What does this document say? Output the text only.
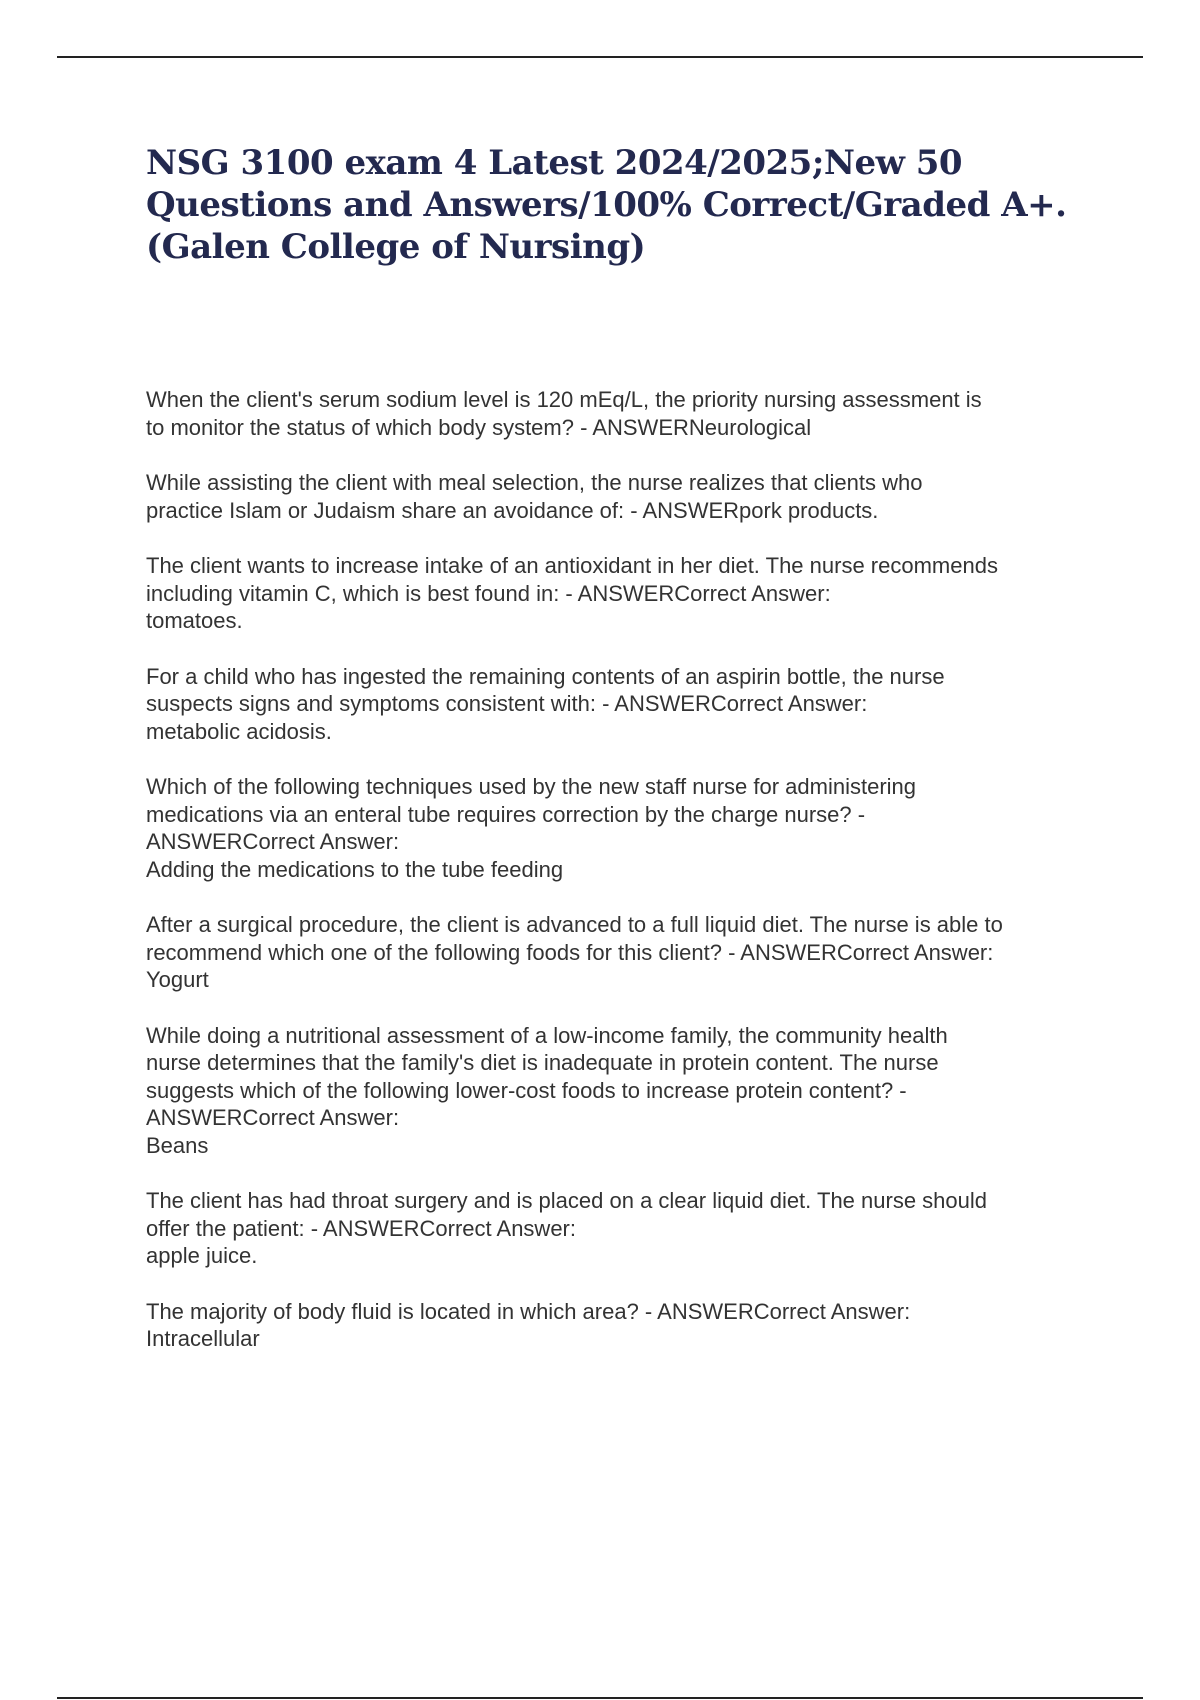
NSG 3100 exam 4 Latest 2024/2025;New 50 Questions and Answers/100% Correct/Graded A+.(Galen College of Nursing)
When the client's serum sodium level is 120 mEq/L, the priority nursing assessment is
to monitor the status of which body system? - ANSWERNeurological
While assisting the client with meal selection, the nurse realizes that clients who
practice Islam or Judaism share an avoidance of: - ANSWERpork products.
The client wants to increase intake of an antioxidant in her diet. The nurse recommends
including vitamin C, which is best found in: - ANSWERCorrect Answer:
tomatoes.
For a child who has ingested the remaining contents of an aspirin bottle, the nurse
suspects signs and symptoms consistent with: - ANSWERCorrect Answer:
metabolic acidosis.
Which of the following techniques used by the new staff nurse for administering
medications via an enteral tube requires correction by the charge nurse? -
ANSWERCorrect Answer:
Adding the medications to the tube feeding
After a surgical procedure, the client is advanced to a full liquid diet. The nurse is able to
recommend which one of the following foods for this client? - ANSWERCorrect Answer:
Yogurt
While doing a nutritional assessment of a low-income family, the community health
nurse determines that the family's diet is inadequate in protein content. The nurse
suggests which of the following lower-cost foods to increase protein content? -
ANSWERCorrect Answer:
Beans
The client has had throat surgery and is placed on a clear liquid diet. The nurse should
offer the patient: - ANSWERCorrect Answer:
apple juice.
The majority of body fluid is located in which area? - ANSWERCorrect Answer:
Intracellular
